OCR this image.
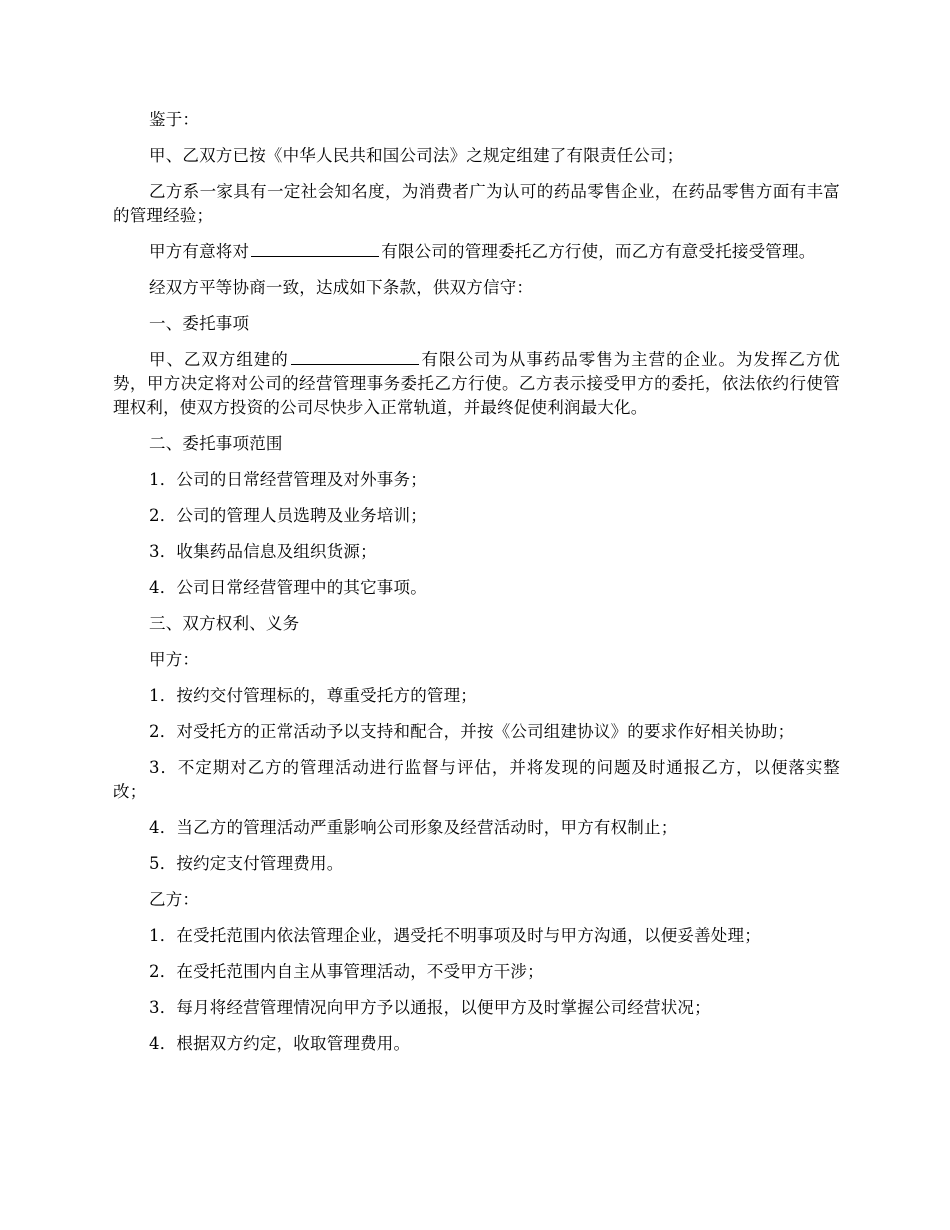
鉴于：

甲、乙双方已按《中华人民共和国公司法》之规定组建了有限责任公司；

乙方系一家具有一定社会知名度，为消费者广为认可的药品零售企业，在药品零售方面有丰富的管理经验；

甲方有意将对	有限公司的管理委托乙方行使，而乙方有意受托接受管理。

经双方平等协商一致，达成如下条款，供双方信守：

一、委托事项

甲、乙双方组建的	有限公司为从事药品零售为主营的企业。为发挥乙方优势，甲方决定将对公司的经营管理事务委托乙方行使。乙方表示接受甲方的委托，依法依约行使管理权利，使双方投资的公司尽快步入正常轨道，并最终促使利润最大化。

二、委托事项范围

1．公司的日常经营管理及对外事务；

2．公司的管理人员选聘及业务培训；

3．收集药品信息及组织货源；

4．公司日常经营管理中的其它事项。

三、双方权利、义务

甲方：

1．按约交付管理标的，尊重受托方的管理；

2．对受托方的正常活动予以支持和配合，并按《公司组建协议》的要求作好相关协助；

3．不定期对乙方的管理活动进行监督与评估，并将发现的问题及时通报乙方，以便落实整改；

4．当乙方的管理活动严重影响公司形象及经营活动时，甲方有权制止；

5．按约定支付管理费用。

乙方：

1．在受托范围内依法管理企业，遇受托不明事项及时与甲方沟通，以便妥善处理；

2．在受托范围内自主从事管理活动，不受甲方干涉；

3．每月将经营管理情况向甲方予以通报，以便甲方及时掌握公司经营状况；

4．根据双方约定，收取管理费用。
